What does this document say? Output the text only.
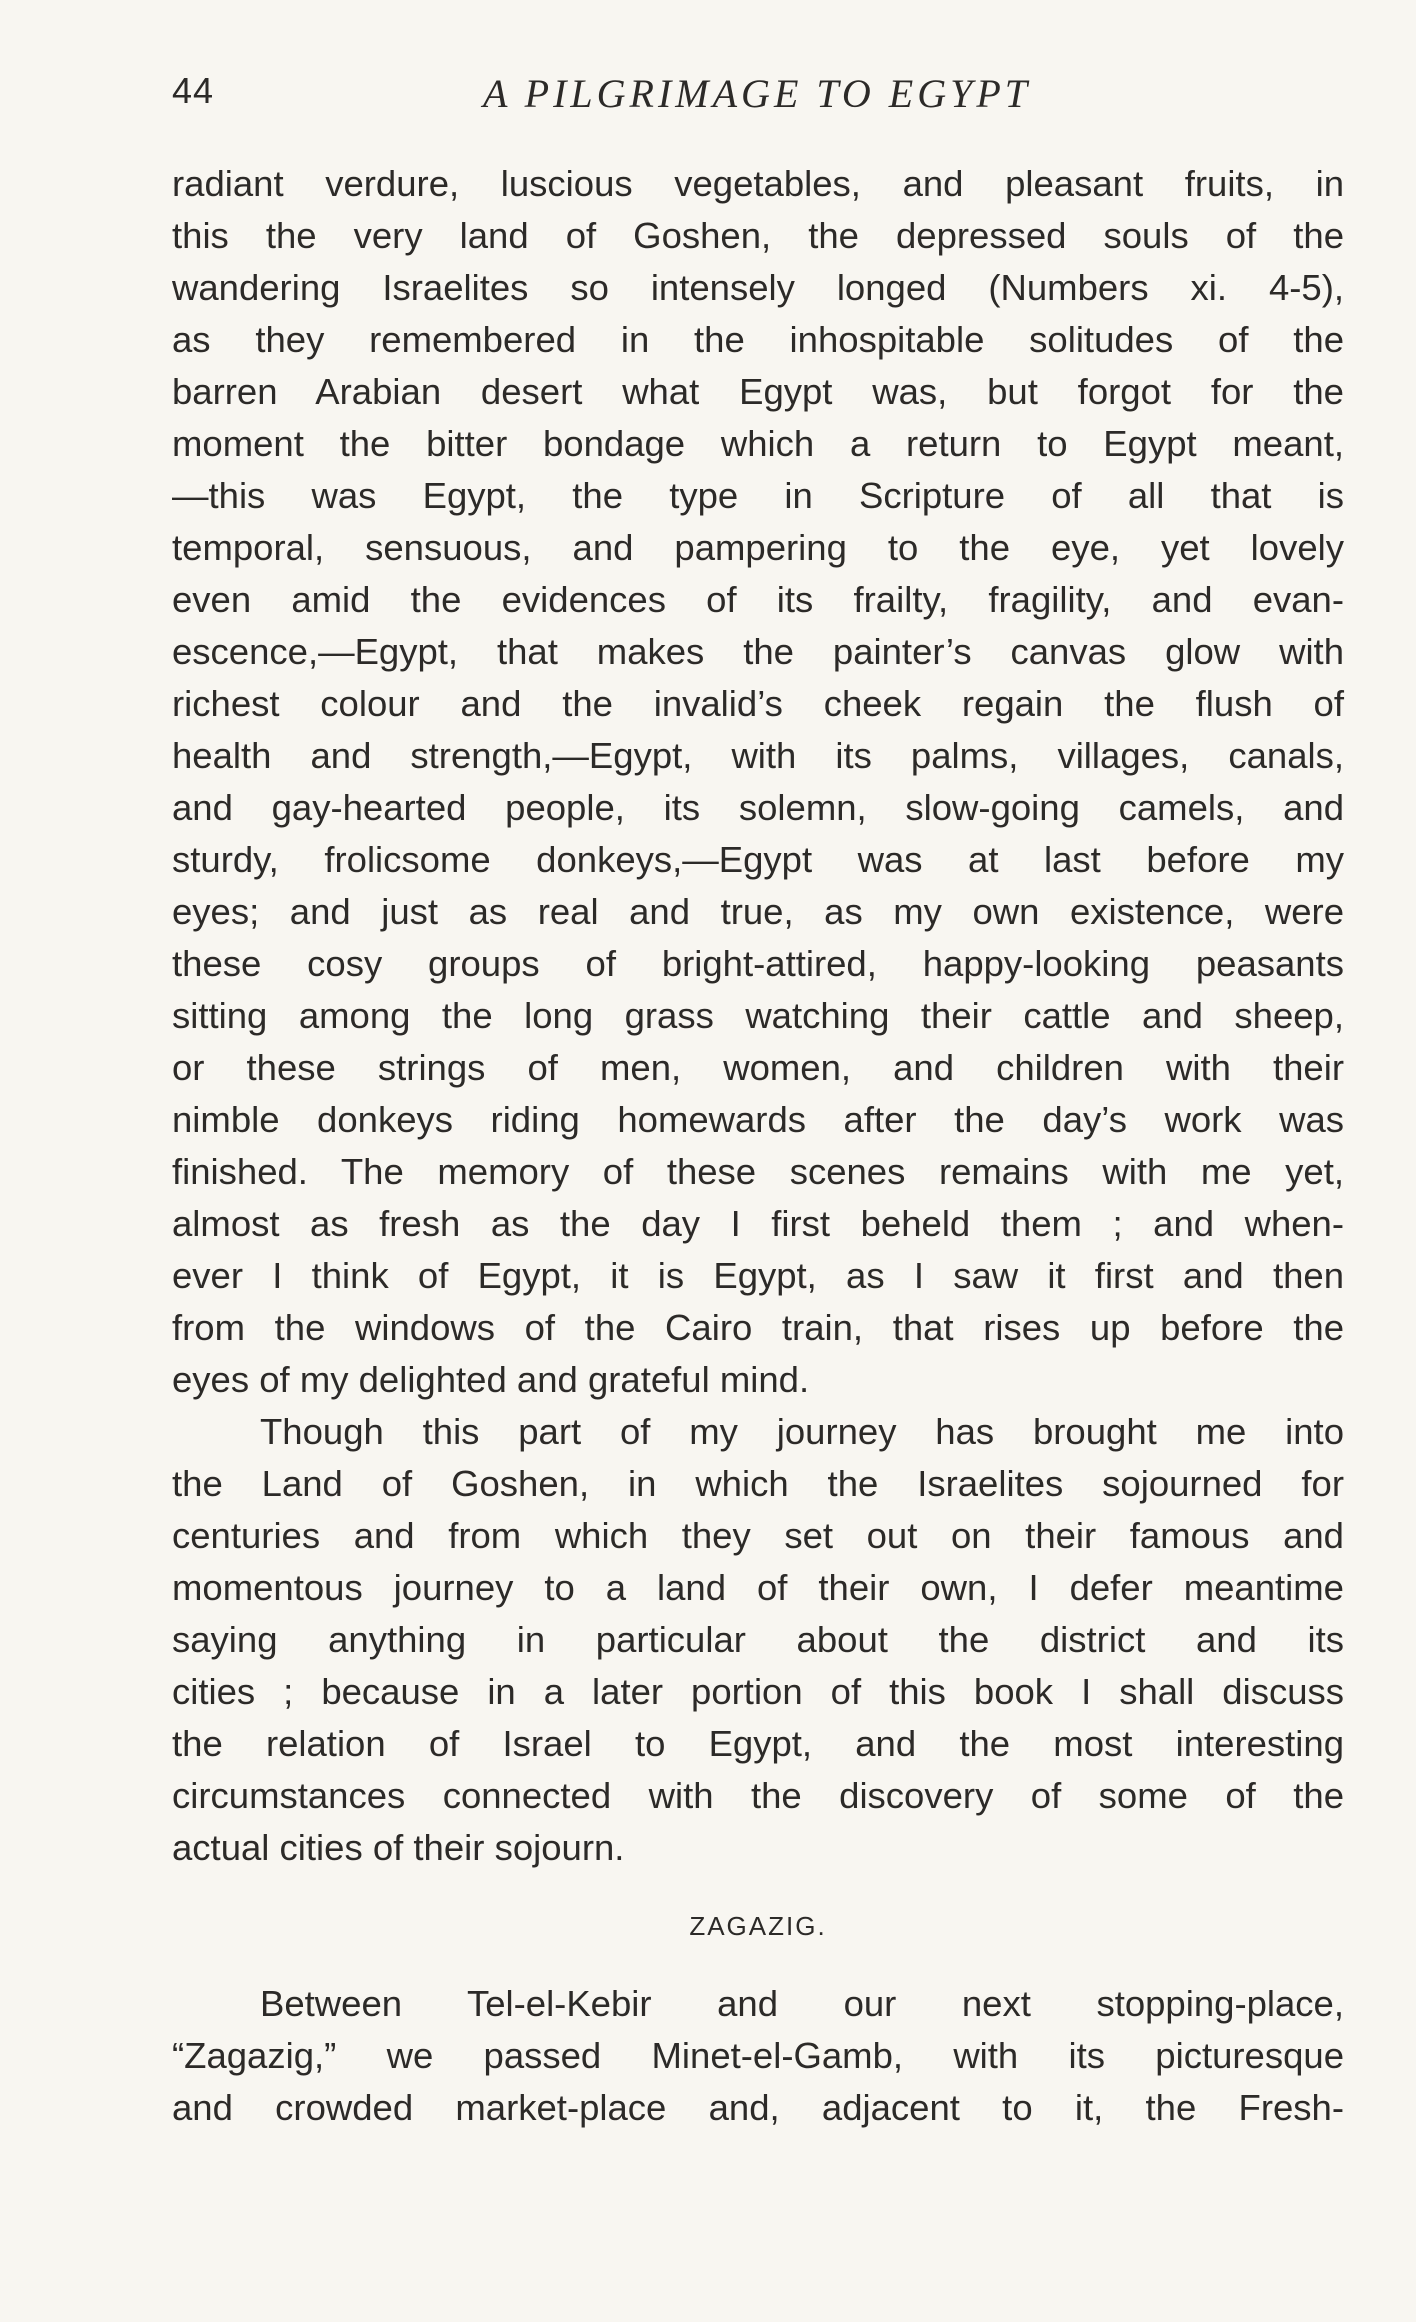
44	A PILGRIMAGE TO EGYPT
radiant verdure, luscious vegetables, and pleasant fruits, in
this the very land of Goshen, the depressed souls of the
wandering Israelites so intensely longed (Numbers xi. 4-5),
as they remembered in the inhospitable solitudes of the
barren Arabian desert what Egypt was, but forgot for the
moment the bitter bondage which a return to Egypt meant,
—this was Egypt, the type in Scripture of all that is
temporal, sensuous, and pampering to the eye, yet lovely
even amid the evidences of its frailty, fragility, and evan-
escence,—Egypt, that makes the painter’s canvas glow with
richest colour and the invalid’s cheek regain the flush of
health and strength,—Egypt, with its palms, villages, canals,
and gay-hearted people, its solemn, slow-going camels, and
sturdy, frolicsome donkeys,—Egypt was at last before my
eyes; and just as real and true, as my own existence, were
these cosy groups of bright-attired, happy-looking peasants
sitting among the long grass watching their cattle and sheep,
or these strings of men, women, and children with their
nimble donkeys riding homewards after the day’s work was
finished. The memory of these scenes remains with me yet,
almost as fresh as the day I first beheld them ; and when-
ever I think of Egypt, it is Egypt, as I saw it first and then
from the windows of the Cairo train, that rises up before the
eyes of my delighted and grateful mind.
Though this part of my journey has brought me into
the Land of Goshen, in which the Israelites sojourned for
centuries and from which they set out on their famous and
momentous journey to a land of their own, I defer meantime
saying anything in particular about the district and its
cities ; because in a later portion of this book I shall discuss
the relation of Israel to Egypt, and the most interesting
circumstances connected with the discovery of some of the
actual cities of their sojourn.
ZAGAZIG.
Between Tel-el-Kebir and our next stopping-place,
“Zagazig,” we passed Minet-el-Gamb, with its picturesque
and crowded market-place and, adjacent to it, the Fresh-
